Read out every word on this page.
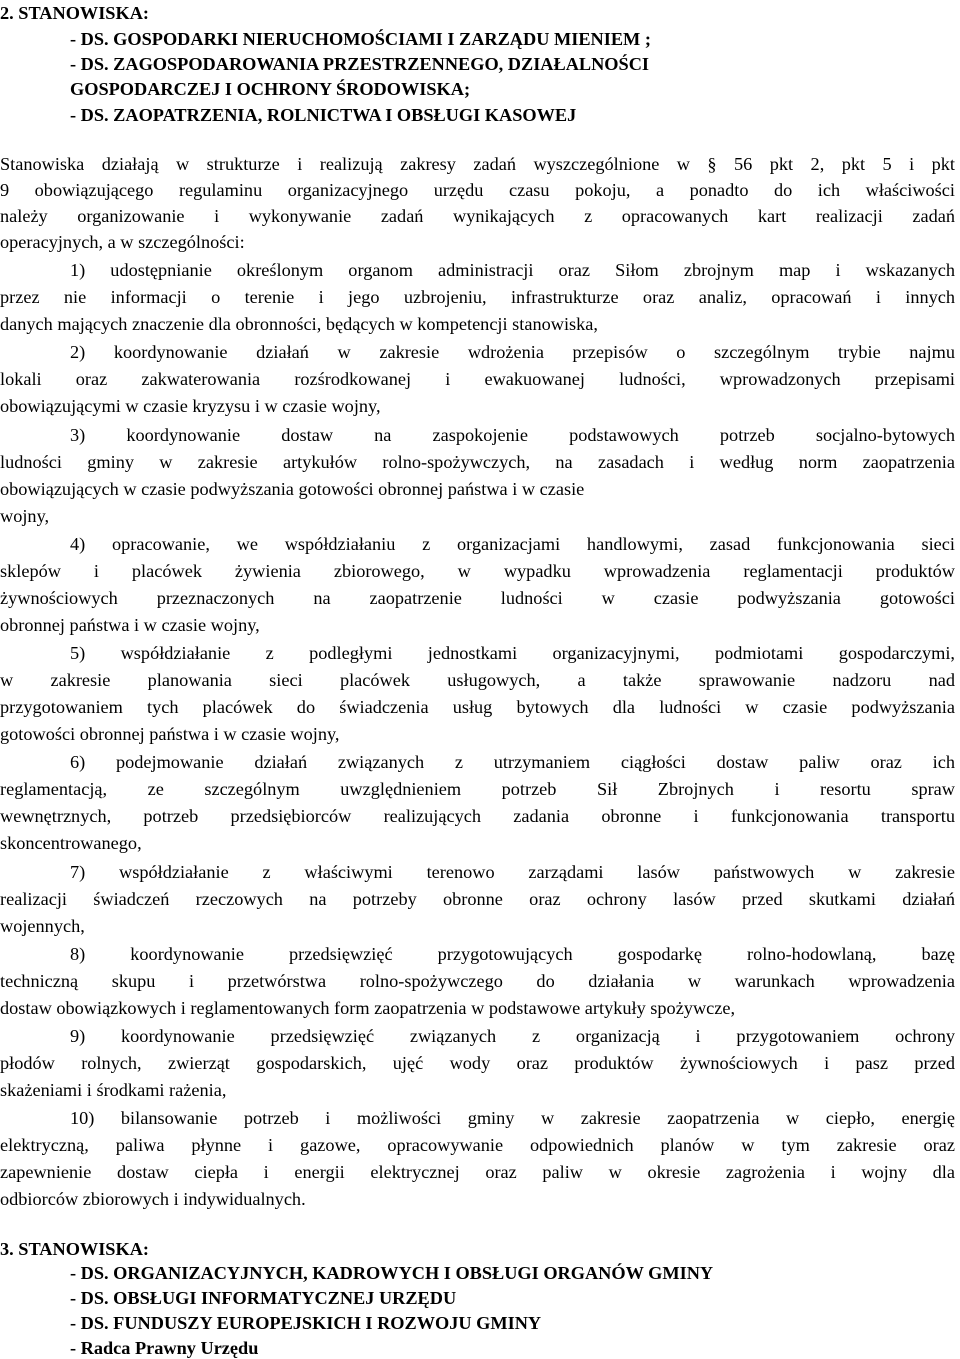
2. STANOWISKA:
- DS. GOSPODARKI NIERUCHOMOŚCIAMI I ZARZĄDU MIENIEM ;
- DS. ZAGOSPODAROWANIA PRZESTRZENNEGO, DZIAŁALNOŚCI
GOSPODARCZEJ I OCHRONY ŚRODOWISKA;
- DS. ZAOPATRZENIA, ROLNICTWA I OBSŁUGI KASOWEJ
Stanowiska działają w strukturze i realizują zakresy zadań wyszczególnione w § 56 pkt 2, pkt 5 i pkt
9 obowiązującego regulaminu organizacyjnego urzędu czasu pokoju, a ponadto do ich właściwości
należy organizowanie i wykonywanie zadań wynikających z opracowanych kart realizacji zadań
operacyjnych, a w szczególności:
1) udostępnianie określonym organom administracji oraz Siłom zbrojnym map i wskazanych
przez nie informacji o terenie i jego uzbrojeniu, infrastrukturze oraz analiz, opracowań i innych
danych mających znaczenie dla obronności, będących w kompetencji stanowiska,
2) koordynowanie działań w zakresie wdrożenia przepisów o szczególnym trybie najmu
lokali oraz zakwaterowania rozśrodkowanej i ewakuowanej ludności, wprowadzonych przepisami
obowiązującymi w czasie kryzysu i w czasie wojny,
3) koordynowanie dostaw na zaspokojenie podstawowych potrzeb socjalno-bytowych
ludności gminy w zakresie artykułów rolno-spożywczych, na zasadach i według norm zaopatrzenia
obowiązujących w czasie podwyższania gotowości obronnej państwa i w czasie
wojny,
4) opracowanie, we współdziałaniu z organizacjami handlowymi, zasad funkcjonowania sieci
sklepów i placówek żywienia zbiorowego, w wypadku wprowadzenia reglamentacji produktów
żywnościowych przeznaczonych na zaopatrzenie ludności w czasie podwyższania gotowości
obronnej państwa i w czasie wojny,
5) współdziałanie z podległymi jednostkami organizacyjnymi, podmiotami gospodarczymi,
w zakresie planowania sieci placówek usługowych, a także sprawowanie nadzoru nad
przygotowaniem tych placówek do świadczenia usług bytowych dla ludności w czasie podwyższania
gotowości obronnej państwa i w czasie wojny,
6) podejmowanie działań związanych z utrzymaniem ciągłości dostaw paliw oraz ich
reglamentacją, ze szczególnym uwzględnieniem potrzeb Sił Zbrojnych i resortu spraw
wewnętrznych, potrzeb przedsiębiorców realizujących zadania obronne i funkcjonowania transportu
skoncentrowanego,
7) współdziałanie z właściwymi terenowo zarządami lasów państwowych w zakresie
realizacji świadczeń rzeczowych na potrzeby obronne oraz ochrony lasów przed skutkami działań
wojennych,
8) koordynowanie przedsięwzięć przygotowujących gospodarkę rolno-hodowlaną, bazę
techniczną skupu i przetwórstwa rolno-spożywczego do działania w warunkach wprowadzenia
dostaw obowiązkowych i reglamentowanych form zaopatrzenia w podstawowe artykuły spożywcze,
9) koordynowanie przedsięwzięć związanych z organizacją i przygotowaniem ochrony
płodów rolnych, zwierząt gospodarskich, ujęć wody oraz produktów żywnościowych i pasz przed
skażeniami i środkami rażenia,
10) bilansowanie potrzeb i możliwości gminy w zakresie zaopatrzenia w ciepło, energię
elektryczną, paliwa płynne i gazowe, opracowywanie odpowiednich planów w tym zakresie oraz
zapewnienie dostaw ciepła i energii elektrycznej oraz paliw w okresie zagrożenia i wojny dla
odbiorców zbiorowych i indywidualnych.
3. STANOWISKA:
- DS. ORGANIZACYJNYCH, KADROWYCH I OBSŁUGI ORGANÓW GMINY
- DS. OBSŁUGI INFORMATYCZNEJ URZĘDU
- DS. FUNDUSZY EUROPEJSKICH I ROZWOJU GMINY
- Radca Prawny Urzędu
